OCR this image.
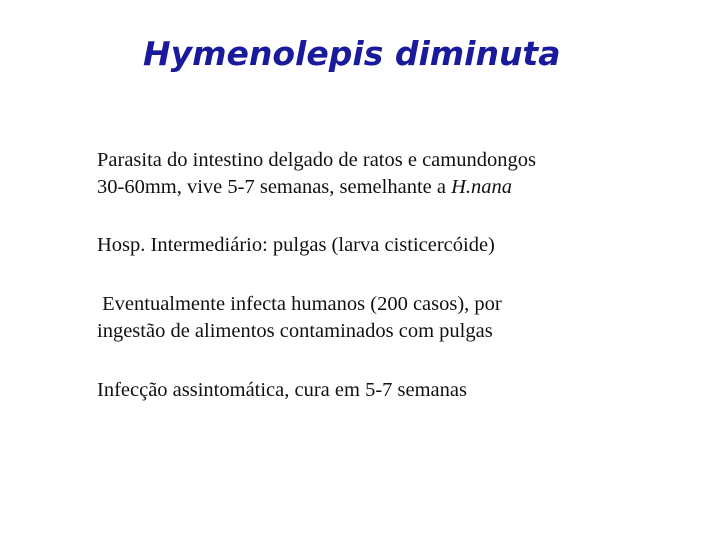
Hymenolepis diminuta

Parasita do intestino delgado de ratos e camundongos
30-60mm, vive 5-7 semanas, semelhante a H.nana

Hosp. Intermediário: pulgas (larva cisticercóide)

Eventualmente infecta humanos (200 casos), por
ingestão de alimentos contaminados com pulgas

Infecção assintomática, cura em 5-7 semanas
